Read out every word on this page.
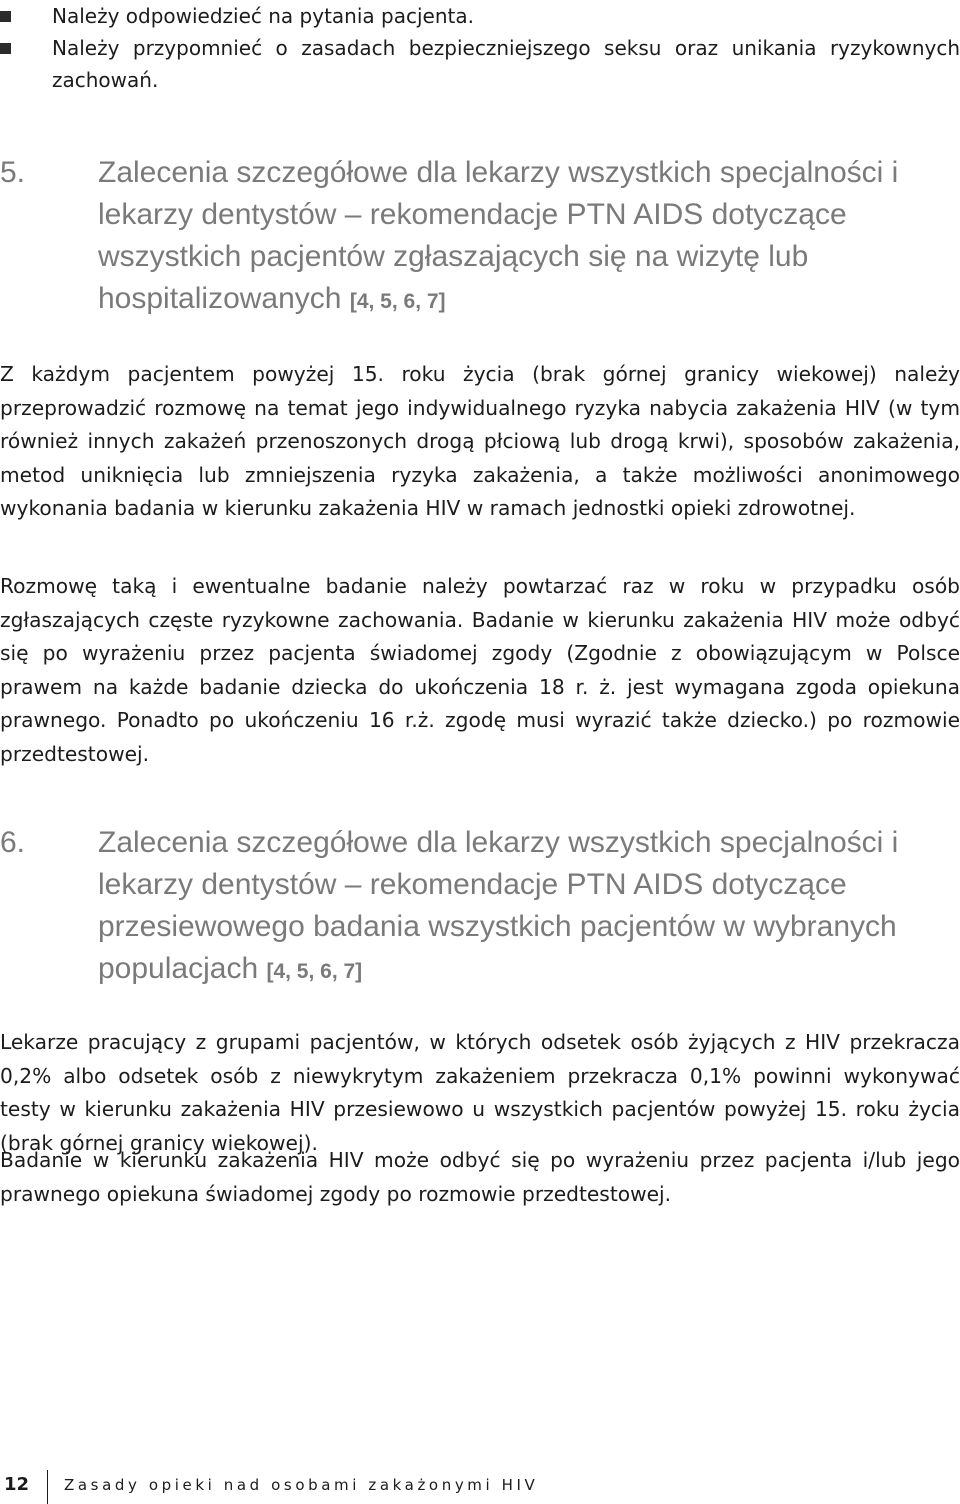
Należy odpowiedzieć na pytania pacjenta.
Należy przypomnieć o zasadach bezpieczniejszego seksu oraz unikania ryzykownych zachowań.
5. Zalecenia szczegółowe dla lekarzy wszystkich specjalności i lekarzy dentystów – rekomendacje PTN AIDS dotyczące wszystkich pacjentów zgłaszających się na wizytę lub hospitalizowanych [4, 5, 6, 7]

Z każdym pacjentem powyżej 15. roku życia (brak górnej granicy wiekowej) należy przeprowadzić rozmowę na temat jego indywidualnego ryzyka nabycia zakażenia HIV (w tym również innych zakażeń przenoszonych drogą płciową lub drogą krwi), sposobów zakażenia, metod uniknięcia lub zmniejszenia ryzyka zakażenia, a także możliwości anonimowego wykonania badania w kierunku zakażenia HIV w ramach jednostki opieki zdrowotnej.

Rozmowę taką i ewentualne badanie należy powtarzać raz w roku w przypadku osób zgłaszających częste ryzykowne zachowania. Badanie w kierunku zakażenia HIV może odbyć się po wyrażeniu przez pacjenta świadomej zgody (Zgodnie z obowiązującym w Polsce prawem na każde badanie dziecka do ukończenia 18 r. ż. jest wymagana zgoda opiekuna prawnego. Ponadto po ukończeniu 16 r.ż. zgodę musi wyrazić także dziecko.) po rozmowie przedtestowej.

6. Zalecenia szczegółowe dla lekarzy wszystkich specjalności i lekarzy dentystów – rekomendacje PTN AIDS dotyczące przesiewowego badania wszystkich pacjentów w wybranych populacjach [4, 5, 6, 7]

Lekarze pracujący z grupami pacjentów, w których odsetek osób żyjących z HIV przekracza 0,2% albo odsetek osób z niewykrytym zakażeniem przekracza 0,1% powinni wykonywać testy w kierunku zakażenia HIV przesiewowo u wszystkich pacjentów powyżej 15. roku życia (brak górnej granicy wiekowej).

Badanie w kierunku zakażenia HIV może odbyć się po wyrażeniu przez pacjenta i/lub jego prawnego opiekuna świadomej zgody po rozmowie przedtestowej.

12 Zasady opieki nad osobami zakażonymi HIV
